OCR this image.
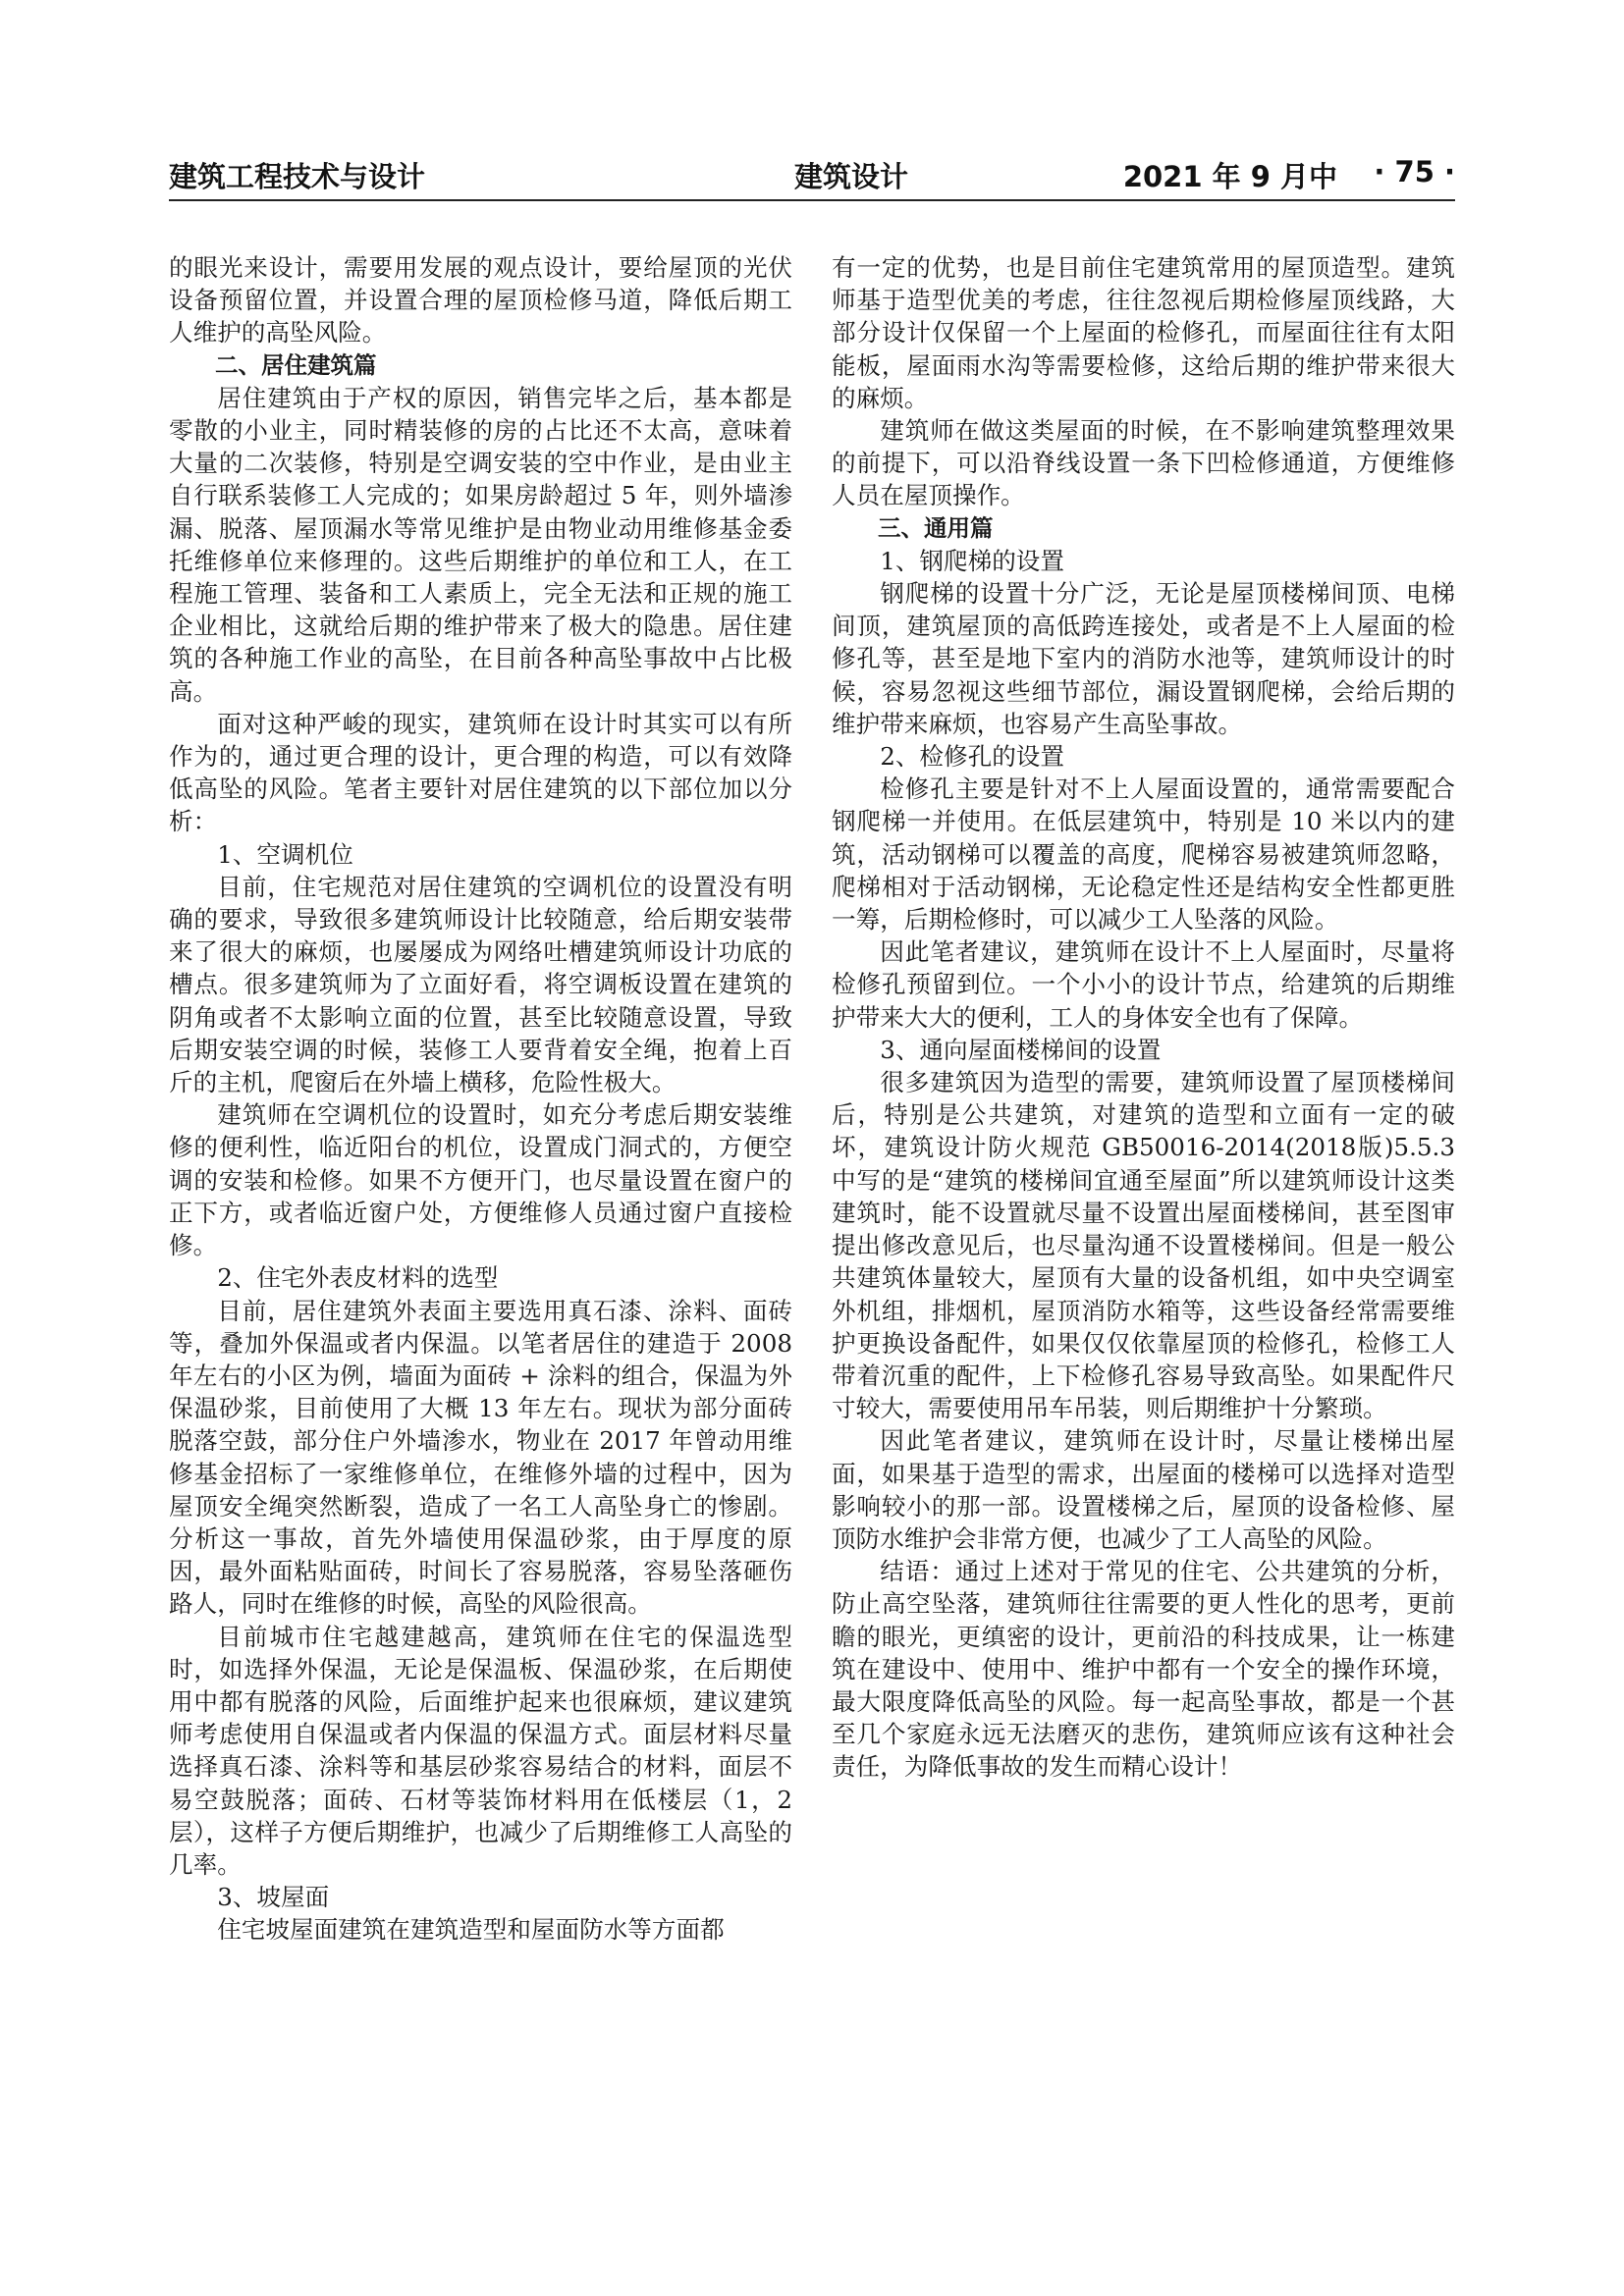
建筑工程技术与设计	建筑设计	2021 年 9 月中 · 75 ·

的眼光来设计，需要用发展的观点设计，要给屋顶的光伏设备预留位置，并设置合理的屋顶检修马道，降低后期工人维护的高坠风险。

二、居住建筑篇

居住建筑由于产权的原因，销售完毕之后，基本都是零散的小业主，同时精装修的房的占比还不太高，意味着大量的二次装修，特别是空调安装的空中作业，是由业主自行联系装修工人完成的；如果房龄超过 5 年，则外墙渗漏、脱落、屋顶漏水等常见维护是由物业动用维修基金委托维修单位来修理的。这些后期维护的单位和工人，在工程施工管理、装备和工人素质上，完全无法和正规的施工企业相比，这就给后期的维护带来了极大的隐患。居住建筑的各种施工作业的高坠，在目前各种高坠事故中占比极高。

面对这种严峻的现实，建筑师在设计时其实可以有所作为的，通过更合理的设计，更合理的构造，可以有效降低高坠的风险。笔者主要针对居住建筑的以下部位加以分析：

1、空调机位

目前，住宅规范对居住建筑的空调机位的设置没有明确的要求，导致很多建筑师设计比较随意，给后期安装带来了很大的麻烦，也屡屡成为网络吐槽建筑师设计功底的槽点。很多建筑师为了立面好看，将空调板设置在建筑的阴角或者不太影响立面的位置，甚至比较随意设置，导致后期安装空调的时候，装修工人要背着安全绳，抱着上百斤的主机，爬窗后在外墙上横移，危险性极大。

建筑师在空调机位的设置时，如充分考虑后期安装维修的便利性，临近阳台的机位，设置成门洞式的，方便空调的安装和检修。如果不方便开门，也尽量设置在窗户的正下方，或者临近窗户处，方便维修人员通过窗户直接检修。

2、住宅外表皮材料的选型

目前，居住建筑外表面主要选用真石漆、涂料、面砖等，叠加外保温或者内保温。以笔者居住的建造于 2008 年左右的小区为例，墙面为面砖 + 涂料的组合，保温为外保温砂浆，目前使用了大概 13 年左右。现状为部分面砖脱落空鼓，部分住户外墙渗水，物业在 2017 年曾动用维修基金招标了一家维修单位，在维修外墙的过程中，因为屋顶安全绳突然断裂，造成了一名工人高坠身亡的惨剧。分析这一事故，首先外墙使用保温砂浆，由于厚度的原因，最外面粘贴面砖，时间长了容易脱落，容易坠落砸伤路人，同时在维修的时候，高坠的风险很高。

目前城市住宅越建越高，建筑师在住宅的保温选型时，如选择外保温，无论是保温板、保温砂浆，在后期使用中都有脱落的风险，后面维护起来也很麻烦，建议建筑师考虑使用自保温或者内保温的保温方式。面层材料尽量选择真石漆、涂料等和基层砂浆容易结合的材料，面层不易空鼓脱落；面砖、石材等装饰材料用在低楼层（1，2 层），这样子方便后期维护，也减少了后期维修工人高坠的几率。

3、坡屋面

住宅坡屋面建筑在建筑造型和屋面防水等方面都

有一定的优势，也是目前住宅建筑常用的屋顶造型。建筑师基于造型优美的考虑，往往忽视后期检修屋顶线路，大部分设计仅保留一个上屋面的检修孔，而屋面往往有太阳能板，屋面雨水沟等需要检修，这给后期的维护带来很大的麻烦。

建筑师在做这类屋面的时候，在不影响建筑整理效果的前提下，可以沿脊线设置一条下凹检修通道，方便维修人员在屋顶操作。

三、通用篇

1、钢爬梯的设置

钢爬梯的设置十分广泛，无论是屋顶楼梯间顶、电梯间顶，建筑屋顶的高低跨连接处，或者是不上人屋面的检修孔等，甚至是地下室内的消防水池等，建筑师设计的时候，容易忽视这些细节部位，漏设置钢爬梯，会给后期的维护带来麻烦，也容易产生高坠事故。

2、检修孔的设置

检修孔主要是针对不上人屋面设置的，通常需要配合钢爬梯一并使用。在低层建筑中，特别是 10 米以内的建筑，活动钢梯可以覆盖的高度，爬梯容易被建筑师忽略，爬梯相对于活动钢梯，无论稳定性还是结构安全性都更胜一筹，后期检修时，可以减少工人坠落的风险。

因此笔者建议，建筑师在设计不上人屋面时，尽量将检修孔预留到位。一个小小的设计节点，给建筑的后期维护带来大大的便利，工人的身体安全也有了保障。

3、通向屋面楼梯间的设置

很多建筑因为造型的需要，建筑师设置了屋顶楼梯间后，特别是公共建筑，对建筑的造型和立面有一定的破坏，建筑设计防火规范 GB50016-2014(2018版)5.5.3 中写的是“建筑的楼梯间宜通至屋面”所以建筑师设计这类建筑时，能不设置就尽量不设置出屋面楼梯间，甚至图审提出修改意见后，也尽量沟通不设置楼梯间。但是一般公共建筑体量较大，屋顶有大量的设备机组，如中央空调室外机组，排烟机，屋顶消防水箱等，这些设备经常需要维护更换设备配件，如果仅仅依靠屋顶的检修孔，检修工人带着沉重的配件，上下检修孔容易导致高坠。如果配件尺寸较大，需要使用吊车吊装，则后期维护十分繁琐。

因此笔者建议，建筑师在设计时，尽量让楼梯出屋面，如果基于造型的需求，出屋面的楼梯可以选择对造型影响较小的那一部。设置楼梯之后，屋顶的设备检修、屋顶防水维护会非常方便，也减少了工人高坠的风险。

结语：通过上述对于常见的住宅、公共建筑的分析，防止高空坠落，建筑师往往需要的更人性化的思考，更前瞻的眼光，更缜密的设计，更前沿的科技成果，让一栋建筑在建设中、使用中、维护中都有一个安全的操作环境，最大限度降低高坠的风险。每一起高坠事故，都是一个甚至几个家庭永远无法磨灭的悲伤，建筑师应该有这种社会责任，为降低事故的发生而精心设计！
